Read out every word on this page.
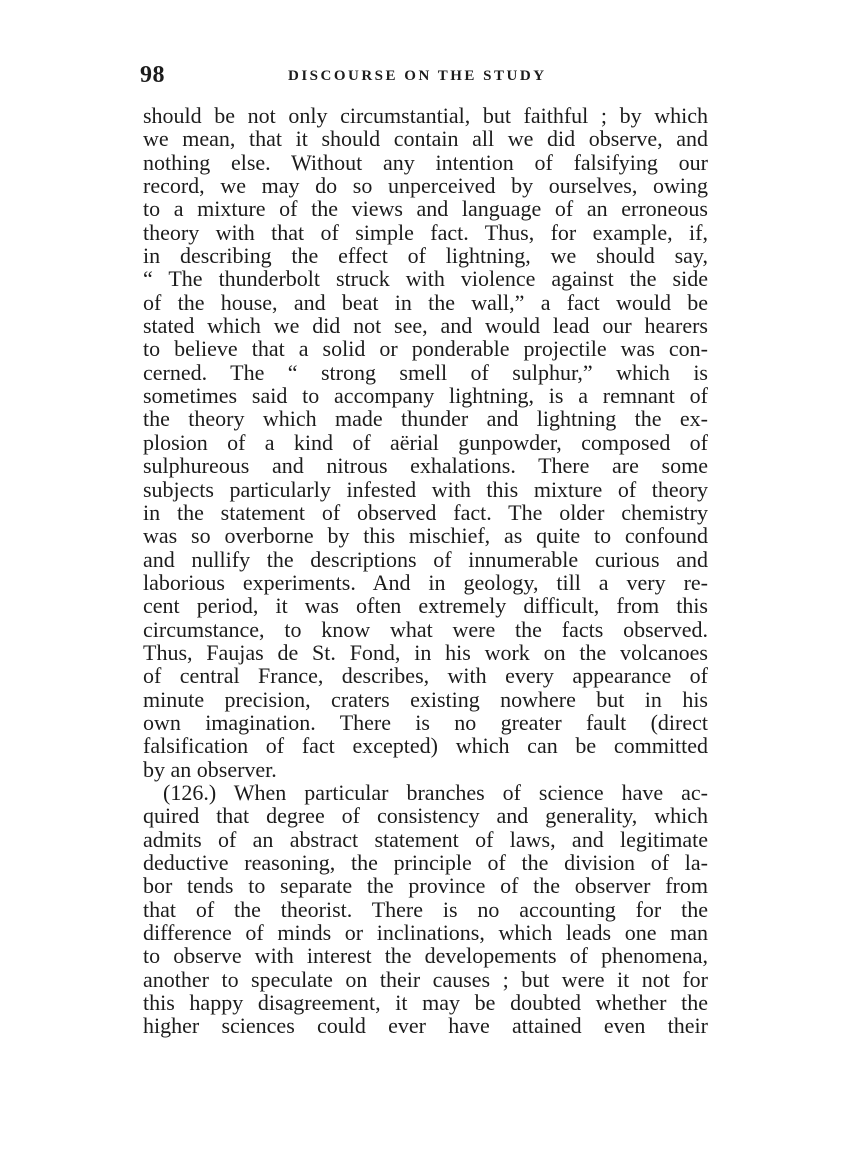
98	DISCOURSE ON THE STUDY
should be not only circumstantial, but faithful ; by which
we mean, that it should contain all we did observe, and
nothing else. Without any intention of falsifying our
record, we may do so unperceived by ourselves, owing
to a mixture of the views and language of an erroneous
theory with that of simple fact. Thus, for example, if,
in describing the effect of lightning, we should say,
“ The thunderbolt struck with violence against the side
of the house, and beat in the wall,” a fact would be
stated which we did not see, and would lead our hearers
to believe that a solid or ponderable projectile was con-
cerned. The “ strong smell of sulphur,” which is
sometimes said to accompany lightning, is a remnant of
the theory which made thunder and lightning the ex-
plosion of a kind of aërial gunpowder, composed of
sulphureous and nitrous exhalations. There are some
subjects particularly infested with this mixture of theory
in the statement of observed fact. The older chemistry
was so overborne by this mischief, as quite to confound
and nullify the descriptions of innumerable curious and
laborious experiments. And in geology, till a very re-
cent period, it was often extremely difficult, from this
circumstance, to know what were the facts observed.
Thus, Faujas de St. Fond, in his work on the volcanoes
of central France, describes, with every appearance of
minute precision, craters existing nowhere but in his
own imagination. There is no greater fault (direct
falsification of fact excepted) which can be committed
by an observer.
(126.) When particular branches of science have ac-
quired that degree of consistency and generality, which
admits of an abstract statement of laws, and legitimate
deductive reasoning, the principle of the division of la-
bor tends to separate the province of the observer from
that of the theorist. There is no accounting for the
difference of minds or inclinations, which leads one man
to observe with interest the developements of phenomena,
another to speculate on their causes ; but were it not for
this happy disagreement, it may be doubted whether the
higher sciences could ever have attained even their
